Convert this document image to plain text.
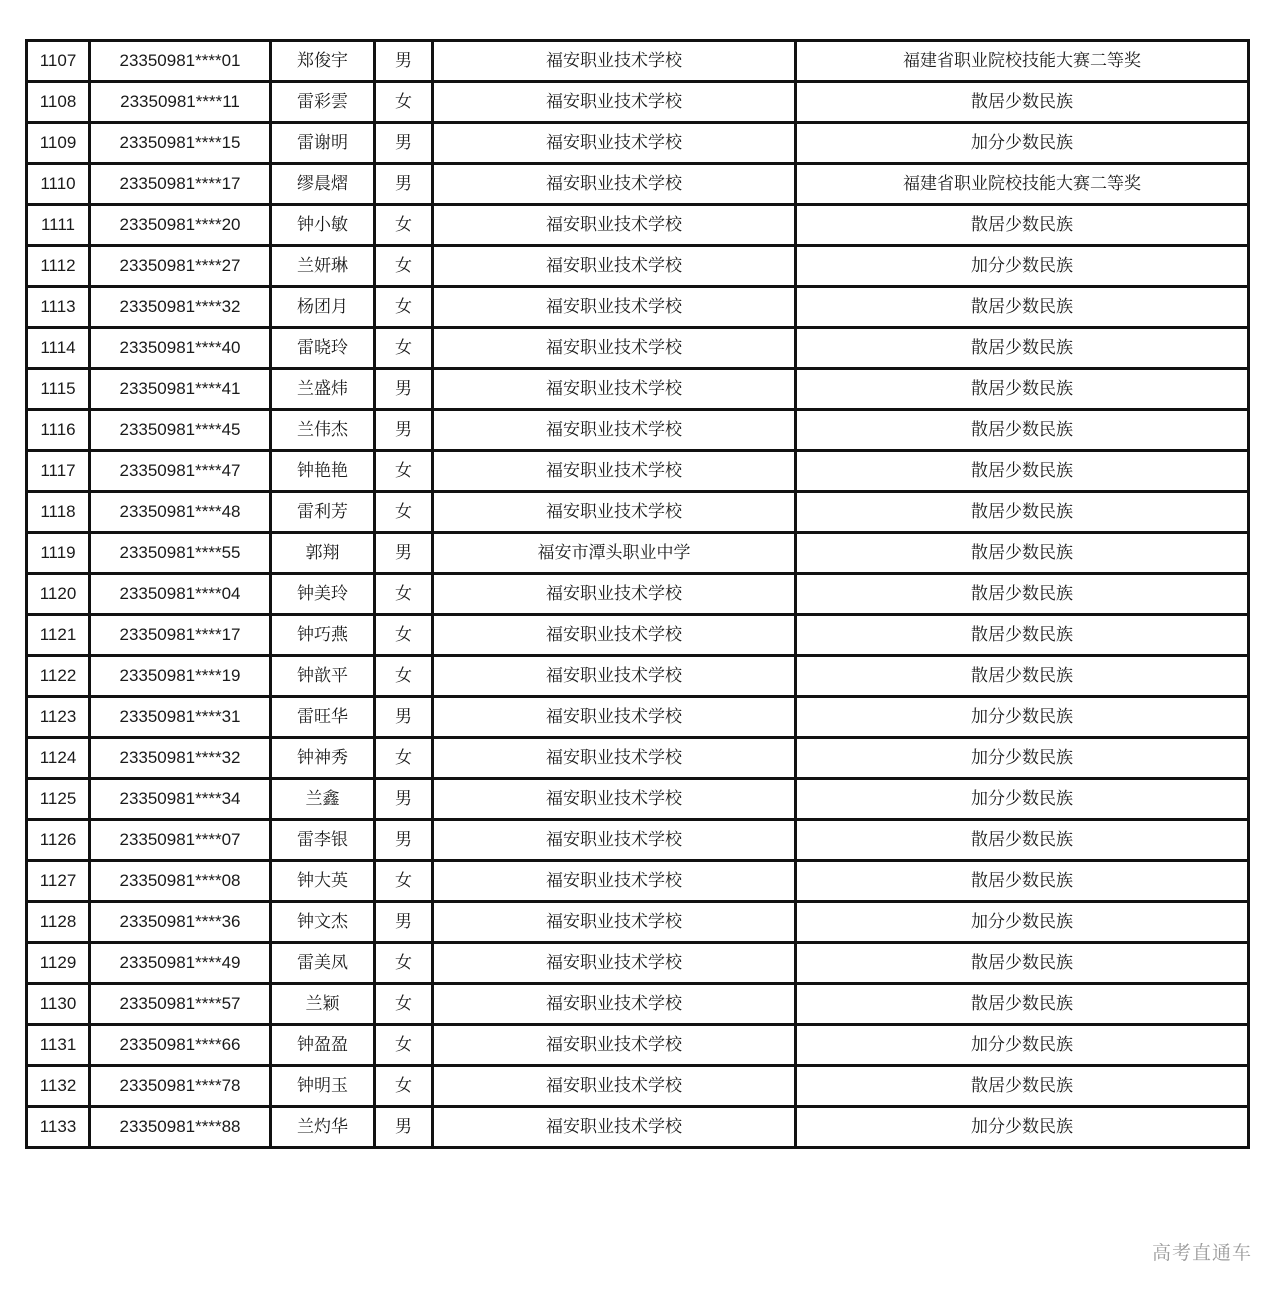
1107	23350981****01	郑俊宇	男	福安职业技术学校	福建省职业院校技能大赛二等奖
1108	23350981****11	雷彩雲	女	福安职业技术学校	散居少数民族
1109	23350981****15	雷谢明	男	福安职业技术学校	加分少数民族
1110	23350981****17	缪晨熠	男	福安职业技术学校	福建省职业院校技能大赛二等奖
1111	23350981****20	钟小敏	女	福安职业技术学校	散居少数民族
1112	23350981****27	兰妍琳	女	福安职业技术学校	加分少数民族
1113	23350981****32	杨团月	女	福安职业技术学校	散居少数民族
1114	23350981****40	雷晓玲	女	福安职业技术学校	散居少数民族
1115	23350981****41	兰盛炜	男	福安职业技术学校	散居少数民族
1116	23350981****45	兰伟杰	男	福安职业技术学校	散居少数民族
1117	23350981****47	钟艳艳	女	福安职业技术学校	散居少数民族
1118	23350981****48	雷利芳	女	福安职业技术学校	散居少数民族
1119	23350981****55	郭翔	男	福安市潭头职业中学	散居少数民族
1120	23350981****04	钟美玲	女	福安职业技术学校	散居少数民族
1121	23350981****17	钟巧燕	女	福安职业技术学校	散居少数民族
1122	23350981****19	钟歆平	女	福安职业技术学校	散居少数民族
1123	23350981****31	雷旺华	男	福安职业技术学校	加分少数民族
1124	23350981****32	钟神秀	女	福安职业技术学校	加分少数民族
1125	23350981****34	兰鑫	男	福安职业技术学校	加分少数民族
1126	23350981****07	雷李银	男	福安职业技术学校	散居少数民族
1127	23350981****08	钟大英	女	福安职业技术学校	散居少数民族
1128	23350981****36	钟文杰	男	福安职业技术学校	加分少数民族
1129	23350981****49	雷美凤	女	福安职业技术学校	散居少数民族
1130	23350981****57	兰颖	女	福安职业技术学校	散居少数民族
1131	23350981****66	钟盈盈	女	福安职业技术学校	加分少数民族
1132	23350981****78	钟明玉	女	福安职业技术学校	散居少数民族
1133	23350981****88	兰灼华	男	福安职业技术学校	加分少数民族
高考直通车
